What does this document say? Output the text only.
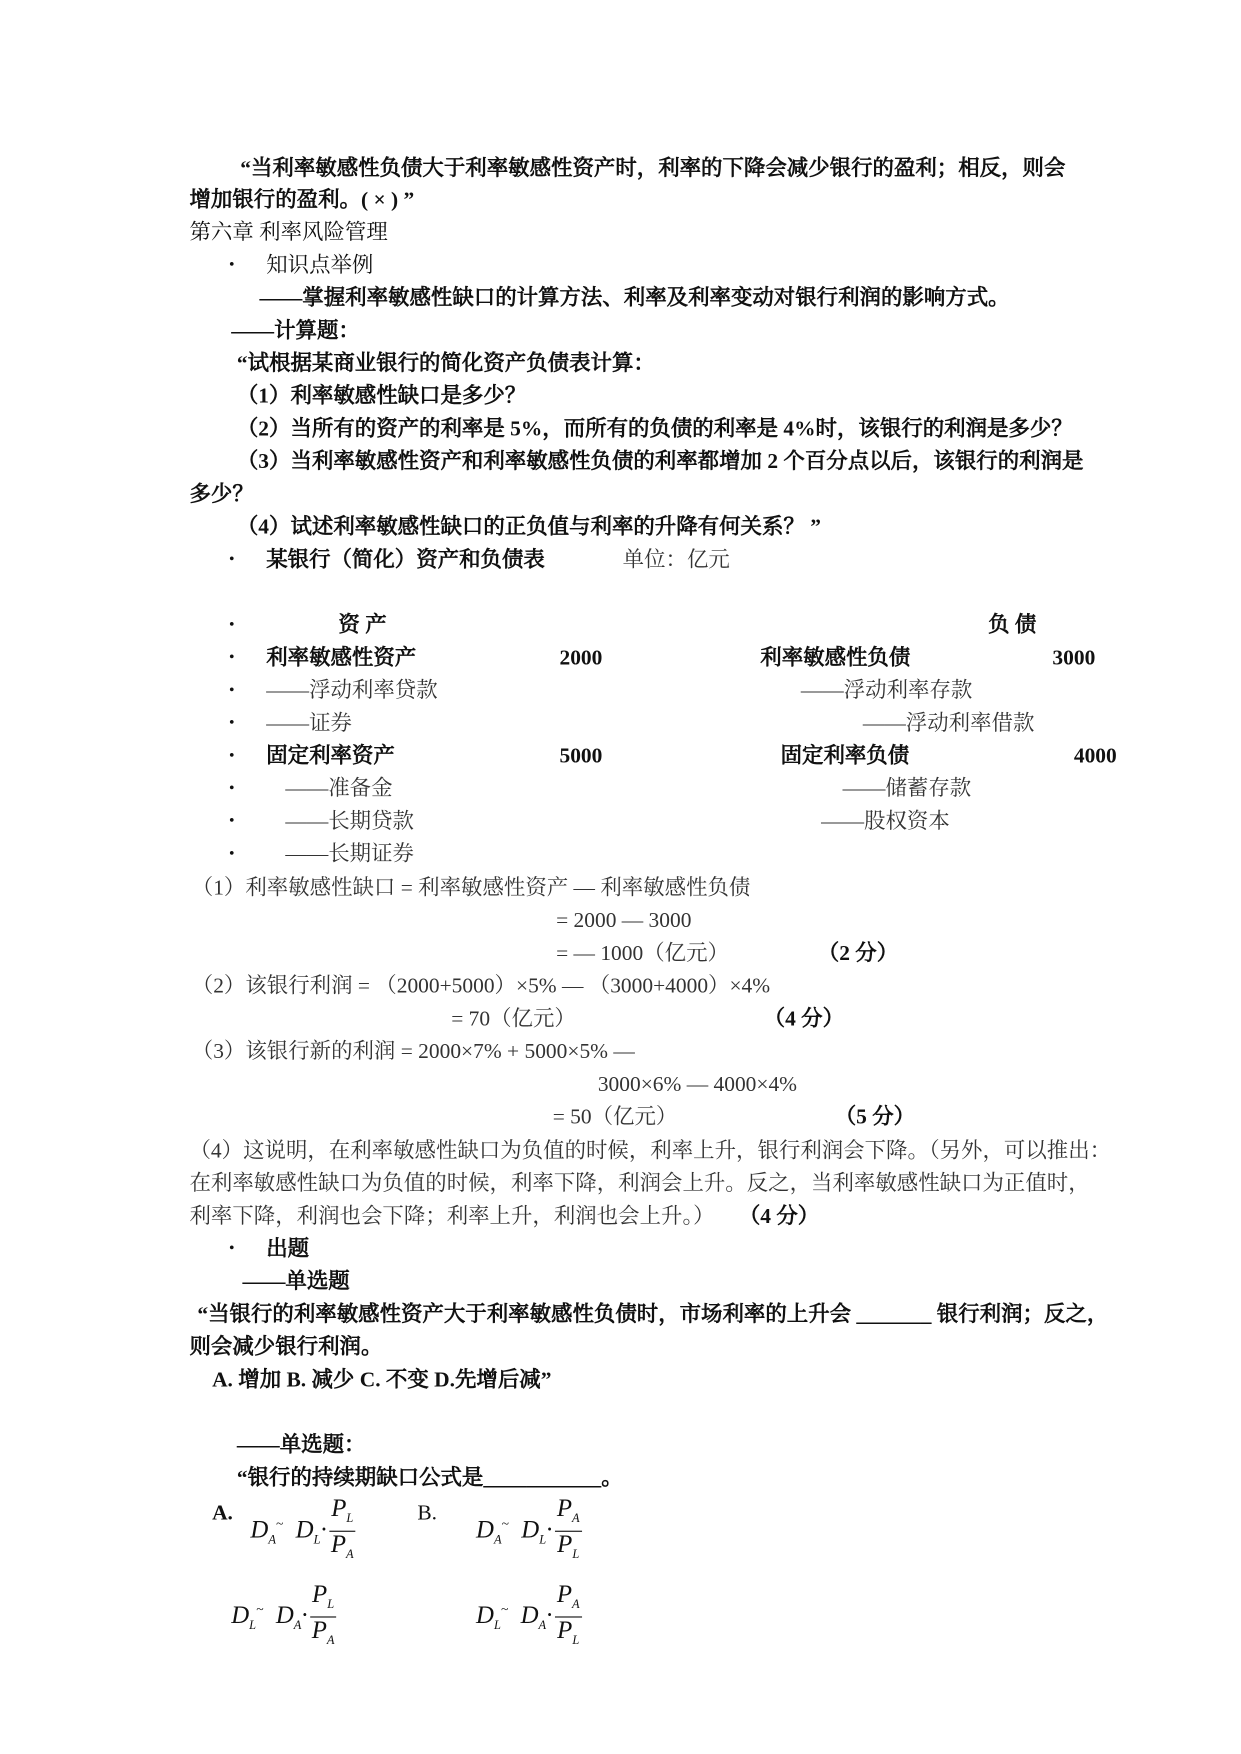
“当利率敏感性负债大于利率敏感性资产时，利率的下降会减少银行的盈利；相反，则会
增加银行的盈利。( × ) ”
第六章 利率风险管理
• 知识点举例
——掌握利率敏感性缺口的计算方法、利率及利率变动对银行利润的影响方式。
——计算题：
“试根据某商业银行的简化资产负债表计算：
（1）利率敏感性缺口是多少？
（2）当所有的资产的利率是 5%，而所有的负债的利率是 4%时，该银行的利润是多少？
（3）当利率敏感性资产和利率敏感性负债的利率都增加 2 个百分点以后，该银行的利润是
多少？
（4）试述利率敏感性缺口的正负值与利率的升降有何关系？ ”
• 某银行（简化）资产和负债表	单位：亿元
•	资 产	负 债
• 利率敏感性资产	2000	利率敏感性负债	3000
• ——浮动利率贷款	——浮动利率存款
• ——证券	——浮动利率借款
• 固定利率资产	5000	固定利率负债	4000
•	——准备金	——储蓄存款
•	——长期贷款	——股权资本
•	——长期证券
（1）利率敏感性缺口 = 利率敏感性资产 — 利率敏感性负债
= 2000 — 3000
= — 1000（亿元）	（2 分）
（2）该银行利润 = （2000+5000）×5% — （3000+4000）×4%
= 70（亿元）	（4 分）
（3）该银行新的利润 = 2000×7% + 5000×5% —
3000×6% — 4000×4%
= 50（亿元）	（5 分）
（4）这说明，在利率敏感性缺口为负值的时候，利率上升，银行利润会下降。（另外，可以推出：
在利率敏感性缺口为负值的时候，利率下降，利润会上升。反之，当利率敏感性缺口为正值时，
利率下降，利润也会下降；利率上升，利润也会上升。） （4 分）
• 出题
——单选题
“当银行的利率敏感性资产大于利率敏感性负债时，市场利率的上升会 _______ 银行利润；反之，
则会减少银行利润。
A. 增加 B. 减少 C. 不变 D.先增后减”
——单选题：
“银行的持续期缺口公式是___________。
A.	B.
$D_A^\sim$  $D_L\cdot \frac{P_L}{P_A}$	$D_A^\sim$  $D_L\cdot \frac{P_A}{P_L}$
$D_L^\sim$  $D_A\cdot \frac{P_L}{P_A}$	$D_L^\sim$  $D_A\cdot \frac{P_A}{P_L}$
